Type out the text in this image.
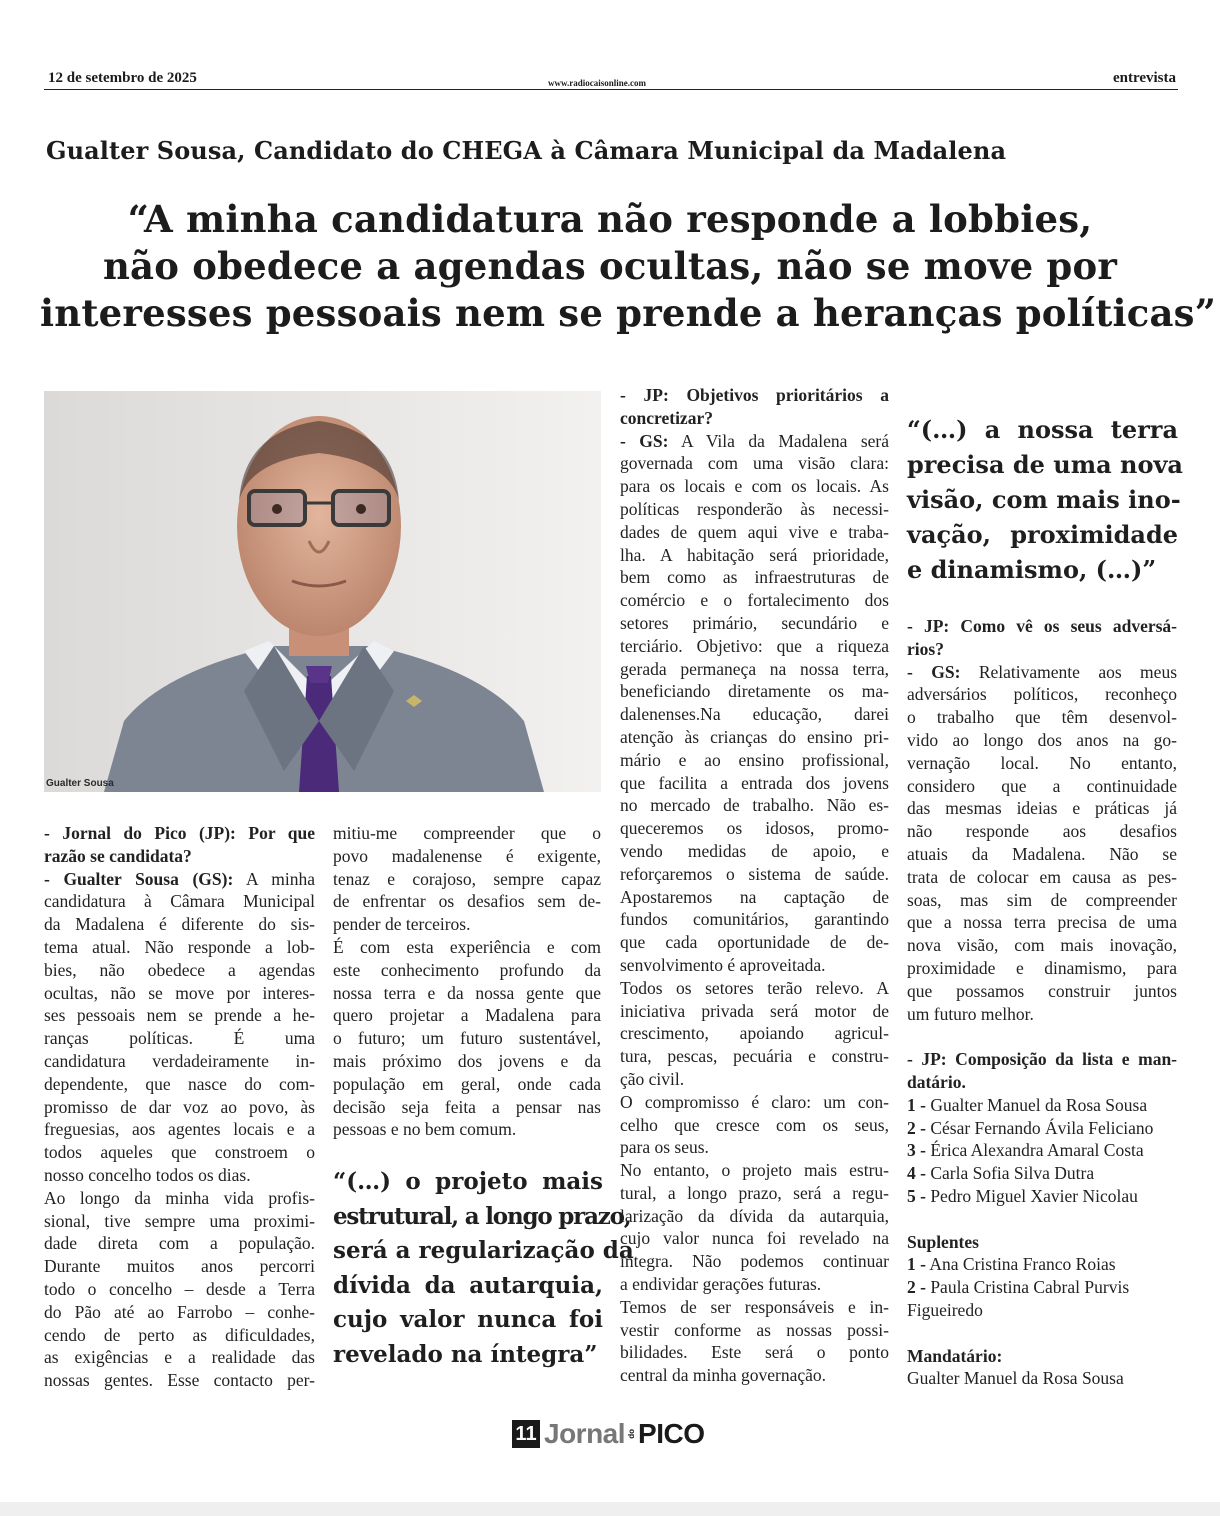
12 de setembro de 2025	www.radiocaisonline.com	entrevista
Gualter Sousa, Candidato do CHEGA à Câmara Municipal da Madalena
“A minha candidatura não responde a lobbies,
não obedece a agendas ocultas, não se move por
interesses pessoais nem se prende a heranças políticas”
Gualter Sousa
- Jornal do Pico (JP): Por que
razão se candidata?
- Gualter Sousa (GS): A minha
candidatura à Câmara Municipal
da Madalena é diferente do sis-
tema atual. Não responde a lob-
bies, não obedece a agendas
ocultas, não se move por interes-
ses pessoais nem se prende a he-
ranças políticas. É uma
candidatura verdadeiramente in-
dependente, que nasce do com-
promisso de dar voz ao povo, às
freguesias, aos agentes locais e a
todos aqueles que constroem o
nosso concelho todos os dias.
Ao longo da minha vida profis-
sional, tive sempre uma proximi-
dade direta com a população.
Durante muitos anos percorri
todo o concelho – desde a Terra
do Pão até ao Farrobo – conhe-
cendo de perto as dificuldades,
as exigências e a realidade das
nossas gentes. Esse contacto per-
mitiu-me compreender que o
povo madalenense é exigente,
tenaz e corajoso, sempre capaz
de enfrentar os desafios sem de-
pender de terceiros.
É com esta experiência e com
este conhecimento profundo da
nossa terra e da nossa gente que
quero projetar a Madalena para
o futuro; um futuro sustentável,
mais próximo dos jovens e da
população em geral, onde cada
decisão seja feita a pensar nas
pessoas e no bem comum.
“(…) o projeto mais
estrutural, a longo prazo,
será a regularização da
dívida da autarquia,
cujo valor nunca foi
revelado na íntegra”
- JP: Objetivos prioritários a
concretizar?
- GS: A Vila da Madalena será
governada com uma visão clara:
para os locais e com os locais. As
políticas responderão às necessi-
dades de quem aqui vive e traba-
lha. A habitação será prioridade,
bem como as infraestruturas de
comércio e o fortalecimento dos
setores primário, secundário e
terciário. Objetivo: que a riqueza
gerada permaneça na nossa terra,
beneficiando diretamente os ma-
dalenenses.Na educação, darei
atenção às crianças do ensino pri-
mário e ao ensino profissional,
que facilita a entrada dos jovens
no mercado de trabalho. Não es-
queceremos os idosos, promo-
vendo medidas de apoio, e
reforçaremos o sistema de saúde.
Apostaremos na captação de
fundos comunitários, garantindo
que cada oportunidade de de-
senvolvimento é aproveitada.
Todos os setores terão relevo. A
iniciativa privada será motor de
crescimento, apoiando agricul-
tura, pescas, pecuária e constru-
ção civil.
O compromisso é claro: um con-
celho que cresce com os seus,
para os seus.
No entanto, o projeto mais estru-
tural, a longo prazo, será a regu-
larização da dívida da autarquia,
cujo valor nunca foi revelado na
íntegra. Não podemos continuar
a endividar gerações futuras.
Temos de ser responsáveis e in-
vestir conforme as nossas possi-
bilidades. Este será o ponto
central da minha governação.
“(…) a nossa terra
precisa de uma nova
visão, com mais ino-
vação, proximidade
e dinamismo, (…)”
- JP: Como vê os seus adversá-
rios?
- GS: Relativamente aos meus
adversários políticos, reconheço
o trabalho que têm desenvol-
vido ao longo dos anos na go-
vernação local. No entanto,
considero que a continuidade
das mesmas ideias e práticas já
não responde aos desafios
atuais da Madalena. Não se
trata de colocar em causa as pes-
soas, mas sim de compreender
que a nossa terra precisa de uma
nova visão, com mais inovação,
proximidade e dinamismo, para
que possamos construir juntos
um futuro melhor.
- JP: Composição da lista e man-
datário.
1 - Gualter Manuel da Rosa Sousa
2 - César Fernando Ávila Feliciano
3 - Érica Alexandra Amaral Costa
4 - Carla Sofia Silva Dutra
5 - Pedro Miguel Xavier Nicolau
Suplentes
1 - Ana Cristina Franco Roias
2 - Paula Cristina Cabral Purvis
Figueiredo
Mandatário:
Gualter Manuel da Rosa Sousa
11 Jornal do PICO
